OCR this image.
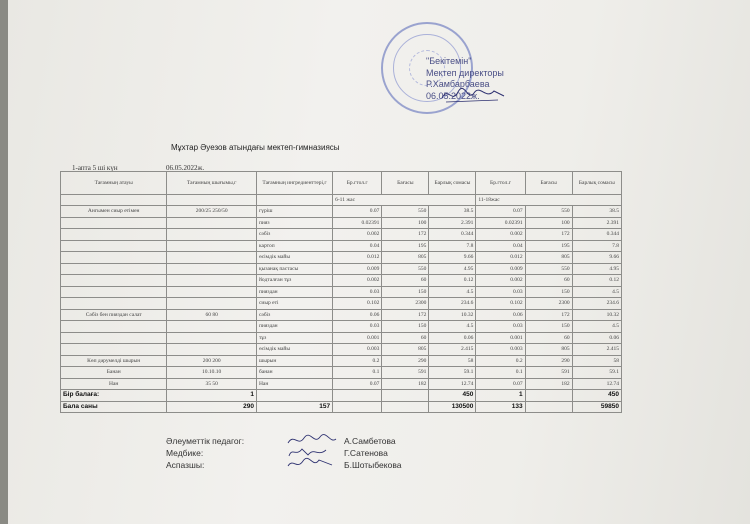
"Бекітемін"
Мектеп директоры
Р.Хамбарбаева
06.05.2022ж.
Мұхтар Әуезов атындағы мектеп-гимназиясы
1-апта 5 ші күн	06.05.2022ж.
Тағамның атауы	Тағамның шығымы,г	Тағамның ингредиенттері,г	Бр.гтол.г	Бағасы	Барлық сомасы	Бр.гтол.г	Бағасы	Барлық сомасы
			6-11 жас			11-18жас		
Ангымен сиыр етімен	200/25 250/50	гүріш	0.07	550	38.5	0.07	550	38.5
		пияз	0.02391	100	2.391	0.02391	100	2.391
		сәбіз	0.002	172	0.344	0.002	172	0.344
		картоп	0.04	195	7.8	0.04	195	7.8
		өсімдік майы	0.012	805	9.66	0.012	805	9.66
		қызанақ пастасы	0.009	550	4.95	0.009	550	4.95
		йодталған тұз	0.002	60	0.12	0.002	60	0.12
		пияздан	0.03	150	4.5	0.03	150	4.5
		сиыр еті	0.102	2300	234.6	0.102	2300	234.6
Сәбіз бен пияздан салат	60 80	сәбіз	0.06	172	10.32	0.06	172	10.32
		пияздан	0.03	150	4.5	0.03	150	4.5
		тұз	0.001	60	0.06	0.001	60	0.06
		өсімдік майы	0.003	805	2.415	0.003	805	2.415
Көп дәрумелді шырын	200 200	шырын	0.2	290	58	0.2	290	58
Банан	10.10.10	банан	0.1	591	59.1	0.1	591	59.1
Нан	35 50	Нан	0.07	182	12.74	0.07	182	12.74
Бір балаға:	1				450	1		450
Бала саны	290	157			130500	133		59850
Әлеуметтік педагог:	А.Самбетова
Медбике:	Г.Сатенова
Аспазшы:	Б.Шотыбекова
